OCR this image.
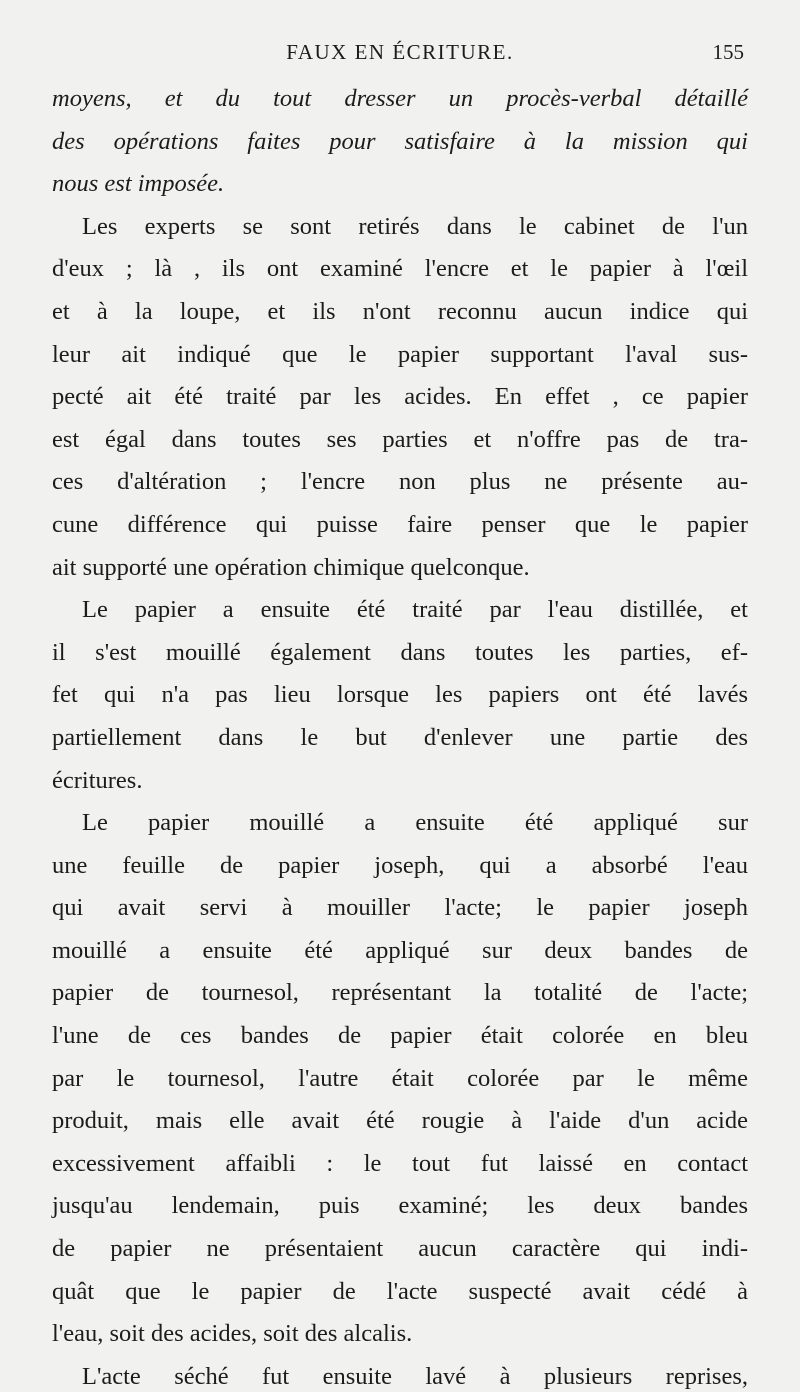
FAUX EN ÉCRITURE.	155
moyens, et du tout dresser un procès-verbal détaillé
des opérations faites pour satisfaire à la mission qui
nous est imposée.
Les experts se sont retirés dans le cabinet de l'un
d'eux ; là , ils ont examiné l'encre et le papier à l'œil
et à la loupe, et ils n'ont reconnu aucun indice qui
leur ait indiqué que le papier supportant l'aval sus-
pecté ait été traité par les acides. En effet , ce papier
est égal dans toutes ses parties et n'offre pas de tra-
ces d'altération ; l'encre non plus ne présente au-
cune différence qui puisse faire penser que le papier
ait supporté une opération chimique quelconque.
Le papier a ensuite été traité par l'eau distillée, et
il s'est mouillé également dans toutes les parties, ef-
fet qui n'a pas lieu lorsque les papiers ont été lavés
partiellement dans le but d'enlever une partie des
écritures.
Le papier mouillé a ensuite été appliqué sur
une feuille de papier joseph, qui a absorbé l'eau
qui avait servi à mouiller l'acte; le papier joseph
mouillé a ensuite été appliqué sur deux bandes de
papier de tournesol, représentant la totalité de l'acte;
l'une de ces bandes de papier était colorée en bleu
par le tournesol, l'autre était colorée par le même
produit, mais elle avait été rougie à l'aide d'un acide
excessivement affaibli : le tout fut laissé en contact
jusqu'au lendemain, puis examiné; les deux bandes
de papier ne présentaient aucun caractère qui indi-
quât que le papier de l'acte suspecté avait cédé à
l'eau, soit des acides, soit des alcalis.
L'acte séché fut ensuite lavé à plusieurs reprises,
